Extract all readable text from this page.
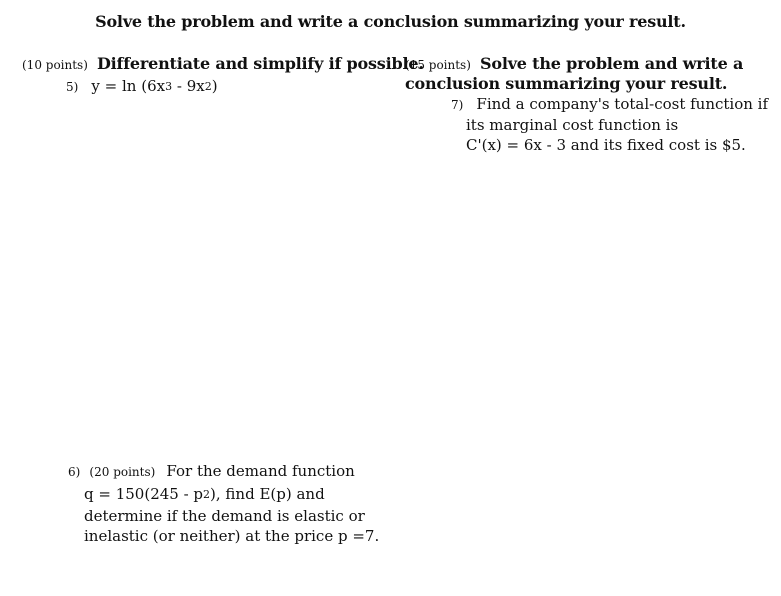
Solve the problem and write a conclusion summarizing your result.
(10 points) Differentiate and simplify if possible.
5) $y = \ln (6x^3 - 9x^2)$
(15 points) Solve the problem and write a
conclusion summarizing your result.
7) Find a company's total-cost function if
its marginal cost function is
C'(x) = 6x - 3 and its fixed cost is $5.
6) (20 points) For the demand function
$q = 150(245 - p^2)$, find E(p) and
determine if the demand is elastic or
inelastic (or neither) at the price p =7.
